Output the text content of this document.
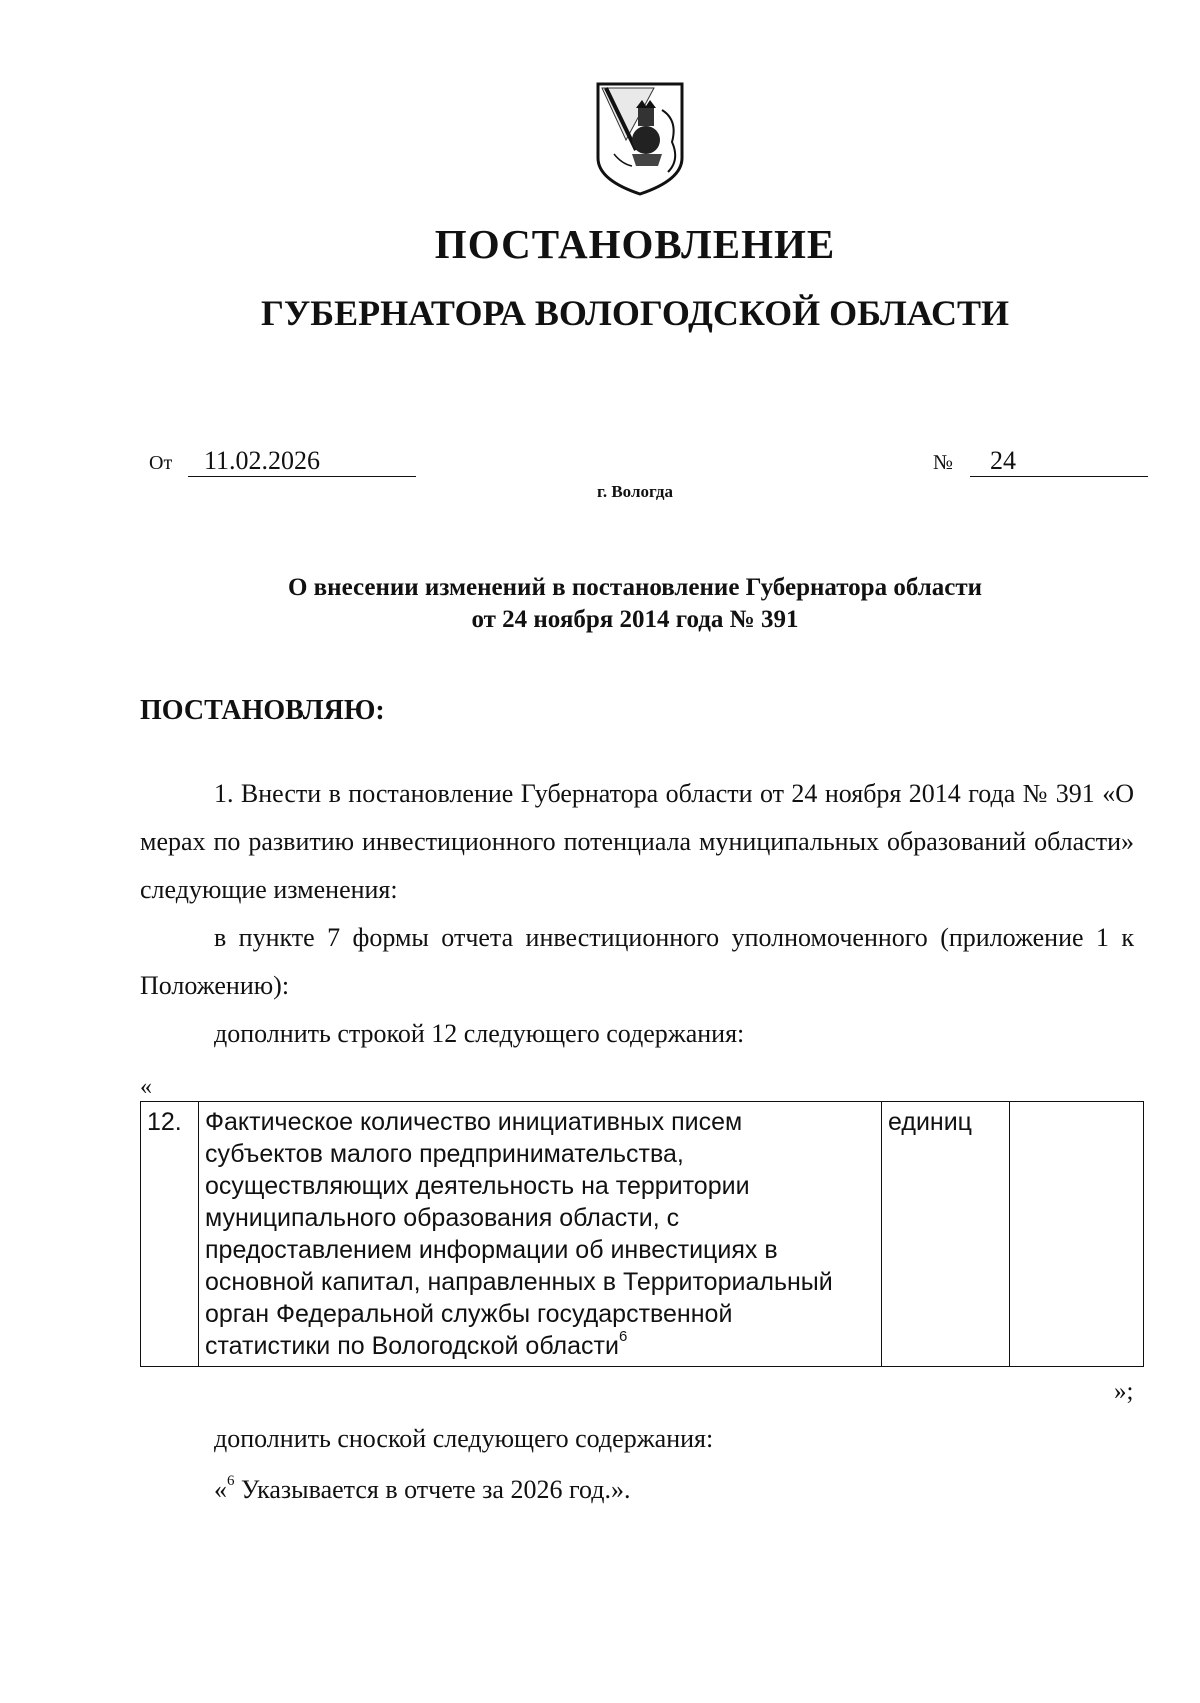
ПОСТАНОВЛЕНИЕ
ГУБЕРНАТОРА ВОЛОГОДСКОЙ ОБЛАСТИ
От	11.02.2026	№	24
г. Вологда
О внесении изменений в постановление Губернатора области
от 24 ноября 2014 года № 391
ПОСТАНОВЛЯЮ:
1. Внести в постановление Губернатора области от 24 ноября 2014 года № 391 «О мерах по развитию инвестиционного потенциала муниципальных образований области» следующие изменения:
в пункте 7 формы отчета инвестиционного уполномоченного (приложение 1 к Положению):
дополнить строкой 12 следующего содержания:
«
12.	Фактическое количество инициативных писем
субъектов малого предпринимательства,
осуществляющих деятельность на территории
муниципального образования области, с
предоставлением информации об инвестициях в
основной капитал, направленных в Территориальный
орган Федеральной службы государственной
статистики по Вологодской области$^6$
	единиц	
»;
дополнить сноской следующего содержания:
«$^6$ Указывается в отчете за 2026 год.».
